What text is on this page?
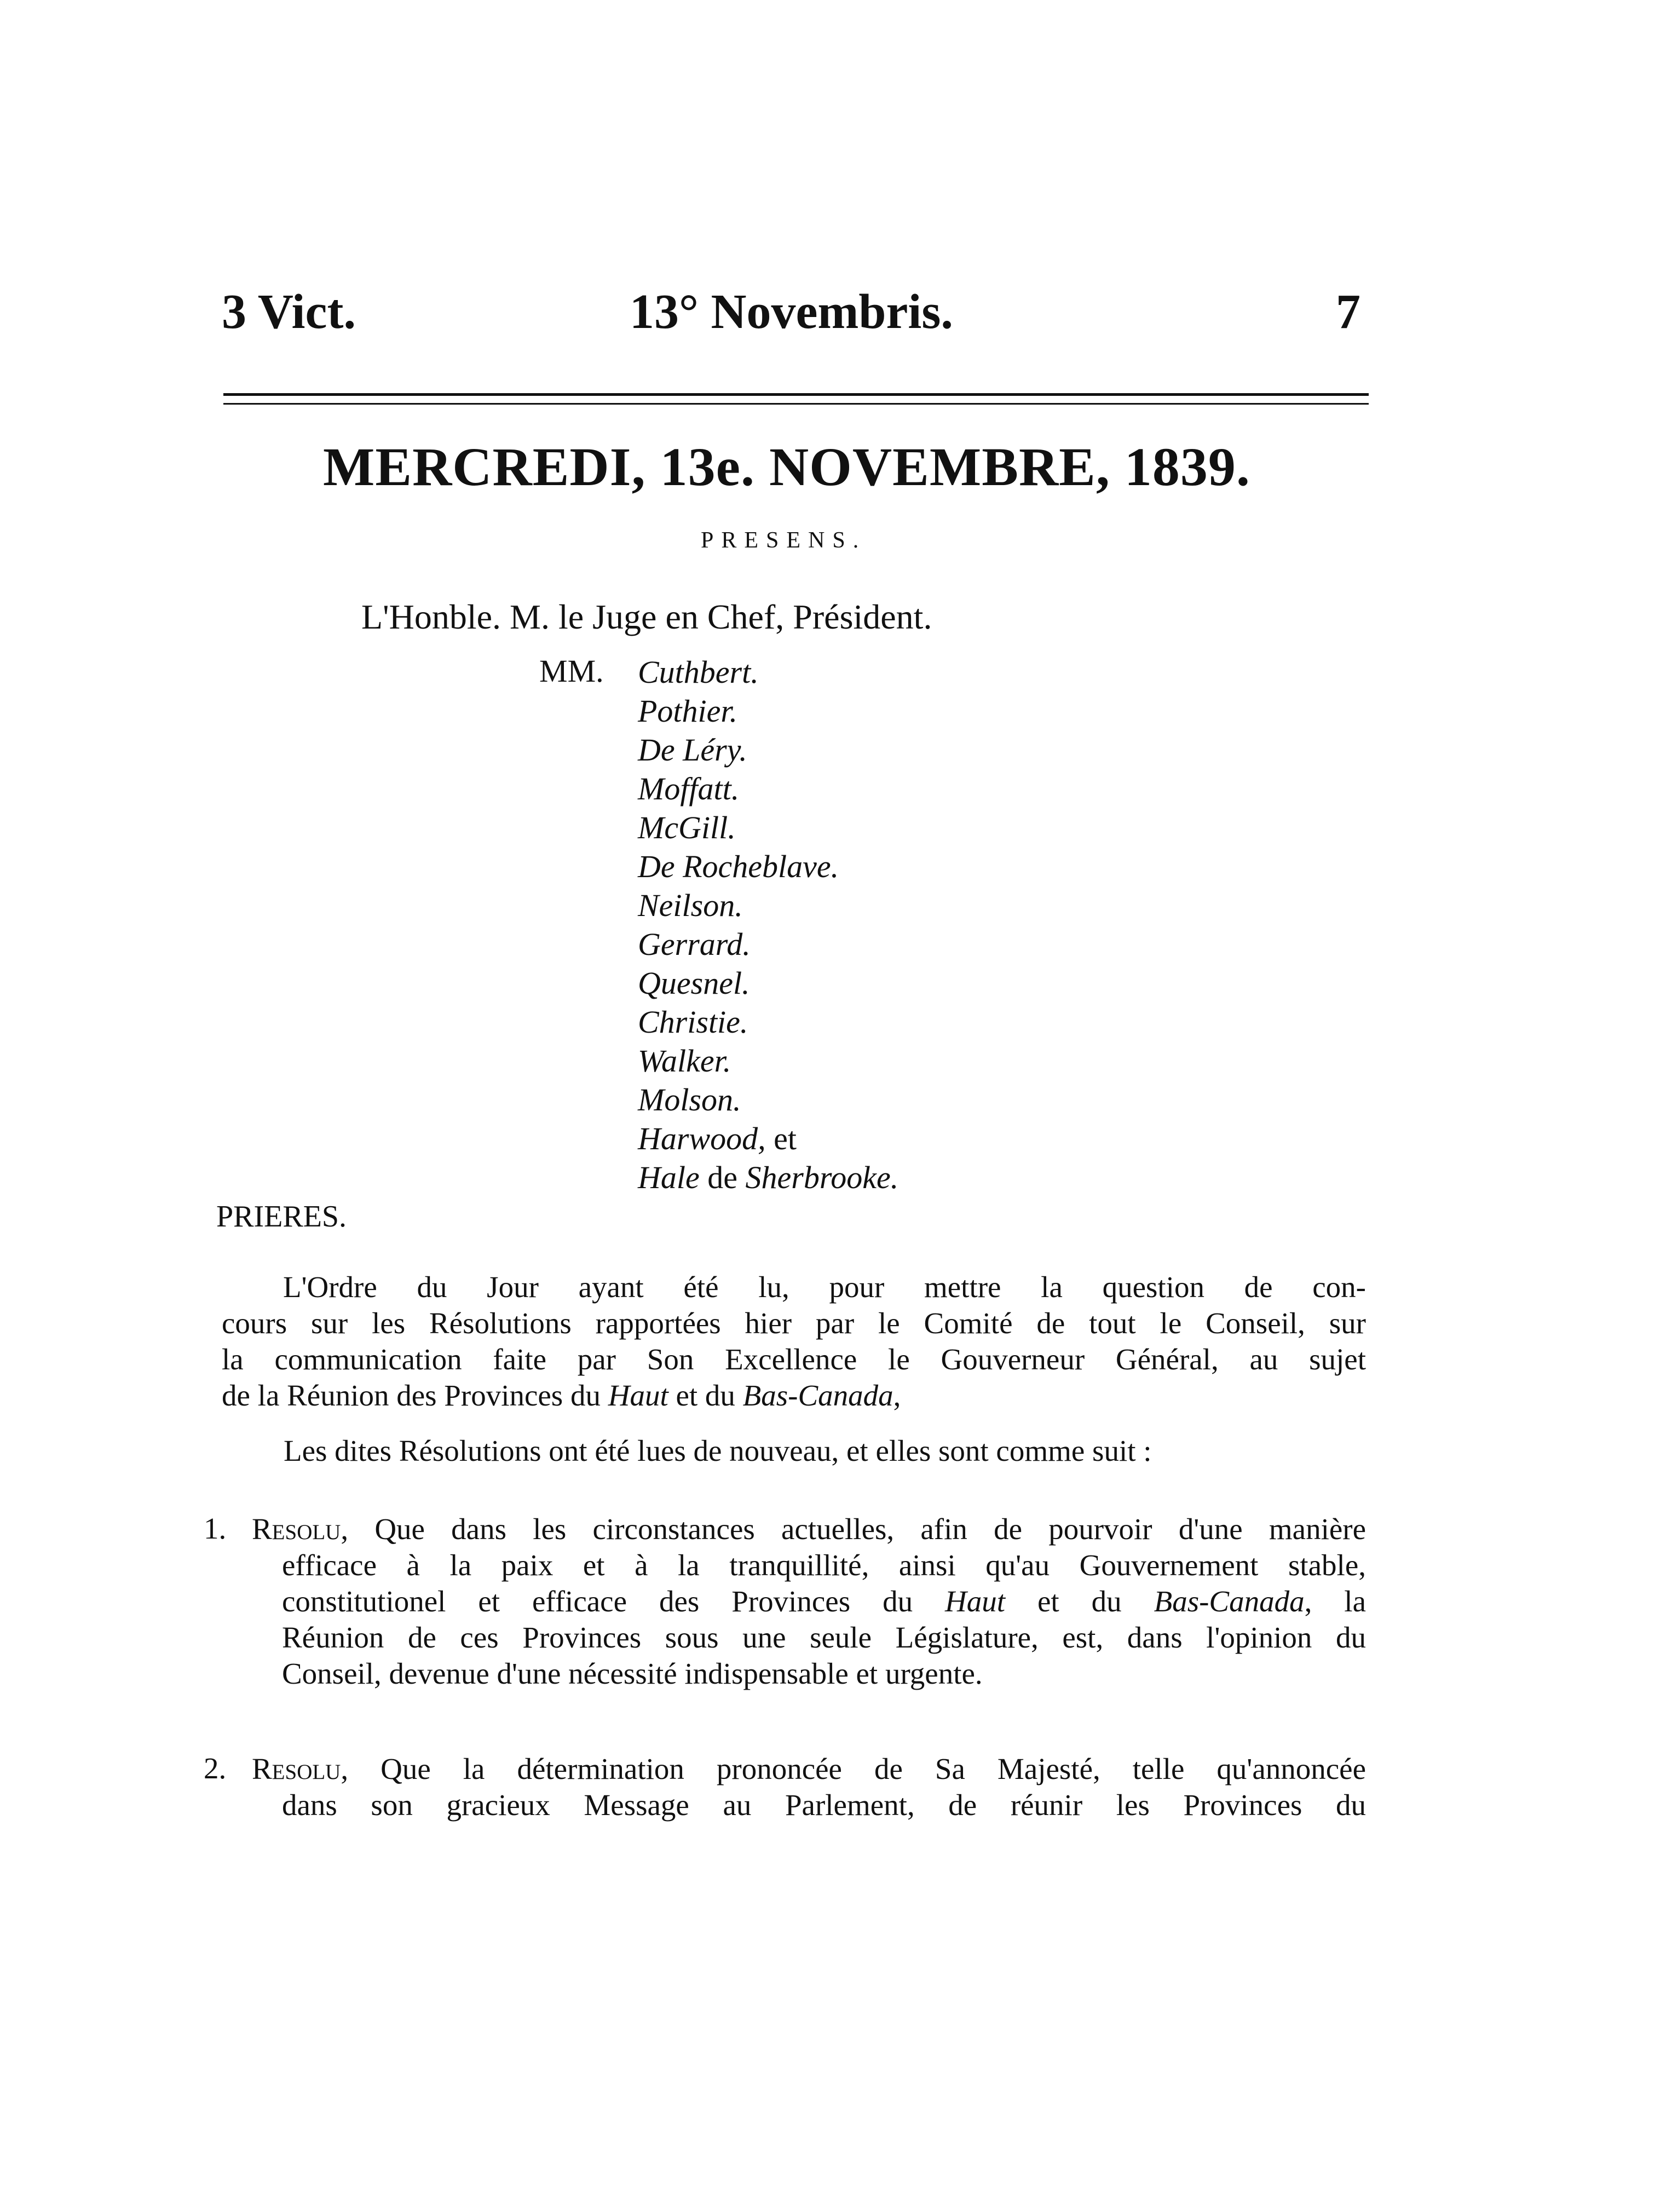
3 Vict.	13° Novembris.	7
MERCREDI, 13e. NOVEMBRE, 1839.
PRESENS.
L'Honble. M. le Juge en Chef, Président.
MM. Cuthbert.
Pothier.
De Léry.
Moffatt.
McGill.
De Rocheblave.
Neilson.
Gerrard.
Quesnel.
Christie.
Walker.
Molson.
Harwood, et
Hale de Sherbrooke.
PRIERES.
L'Ordre du Jour ayant été lu, pour mettre la question de con-
cours sur les Résolutions rapportées hier par le Comité de tout le Conseil, sur
la communication faite par Son Excellence le Gouverneur Général, au sujet
de la Réunion des Provinces du Haut et du Bas-Canada,
Les dites Résolutions ont été lues de nouveau, et elles sont comme suit :
1. Resolu, Que dans les circonstances actuelles, afin de pourvoir d'une manière
efficace à la paix et à la tranquillité, ainsi qu'au Gouvernement stable,
constitutionel et efficace des Provinces du Haut et du Bas-Canada, la
Réunion de ces Provinces sous une seule Législature, est, dans l'opinion du
Conseil, devenue d'une nécessité indispensable et urgente.
2. Resolu, Que la détermination prononcée de Sa Majesté, telle qu'annoncée
dans son gracieux Message au Parlement, de réunir les Provinces du
